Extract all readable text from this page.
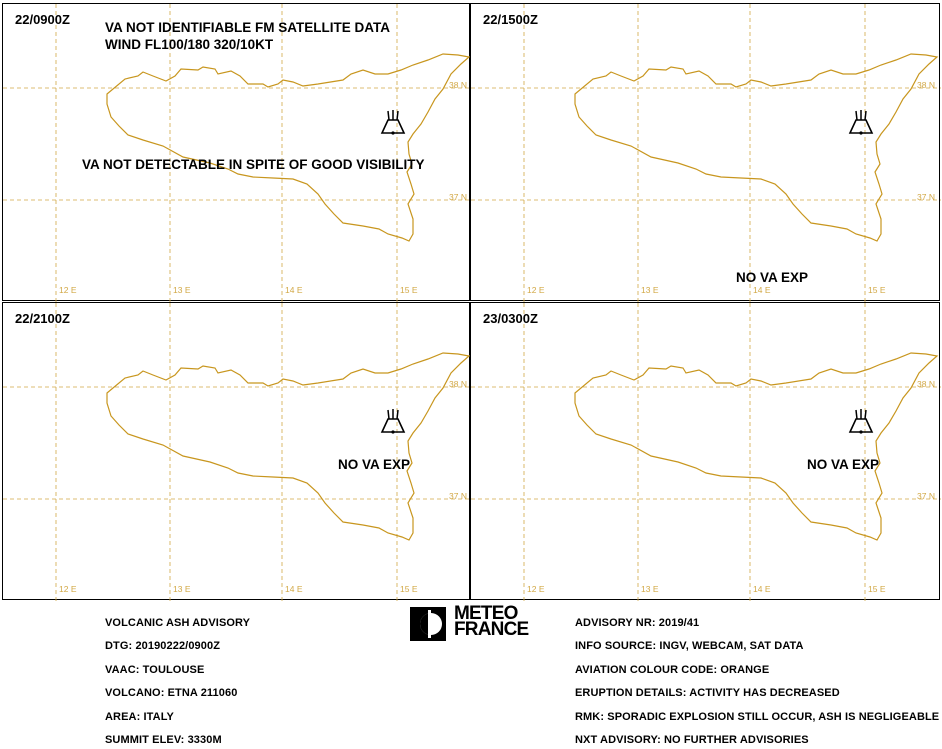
12 E	13 E	14 E	15 E
38 N
37 N
22/0900Z
VA NOT IDENTIFIABLE FM SATELLITE DATA
WIND FL100/180 320/10KT
VA NOT DETECTABLE IN SPITE OF GOOD VISIBILITY
12 E	13 E	14 E	15 E
38 N
37 N
22/1500Z
NO VA EXP
12 E	13 E	14 E	15 E
38 N
37 N
22/2100Z
NO VA EXP
12 E	13 E	14 E	15 E
38 N
37 N
23/0300Z
NO VA EXP
VOLCANIC ASH ADVISORY
DTG: 20190222/0900Z
VAAC: TOULOUSE
VOLCANO: ETNA 211060
AREA: ITALY
SUMMIT ELEV: 3330M
METEO
FRANCE	ADVISORY NR: 2019/41
INFO SOURCE: INGV, WEBCAM, SAT DATA
AVIATION COLOUR CODE: ORANGE
ERUPTION DETAILS: ACTIVITY HAS DECREASED
RMK: SPORADIC EXPLOSION STILL OCCUR, ASH IS NEGLIGEABLE
NXT ADVISORY: NO FURTHER ADVISORIES
